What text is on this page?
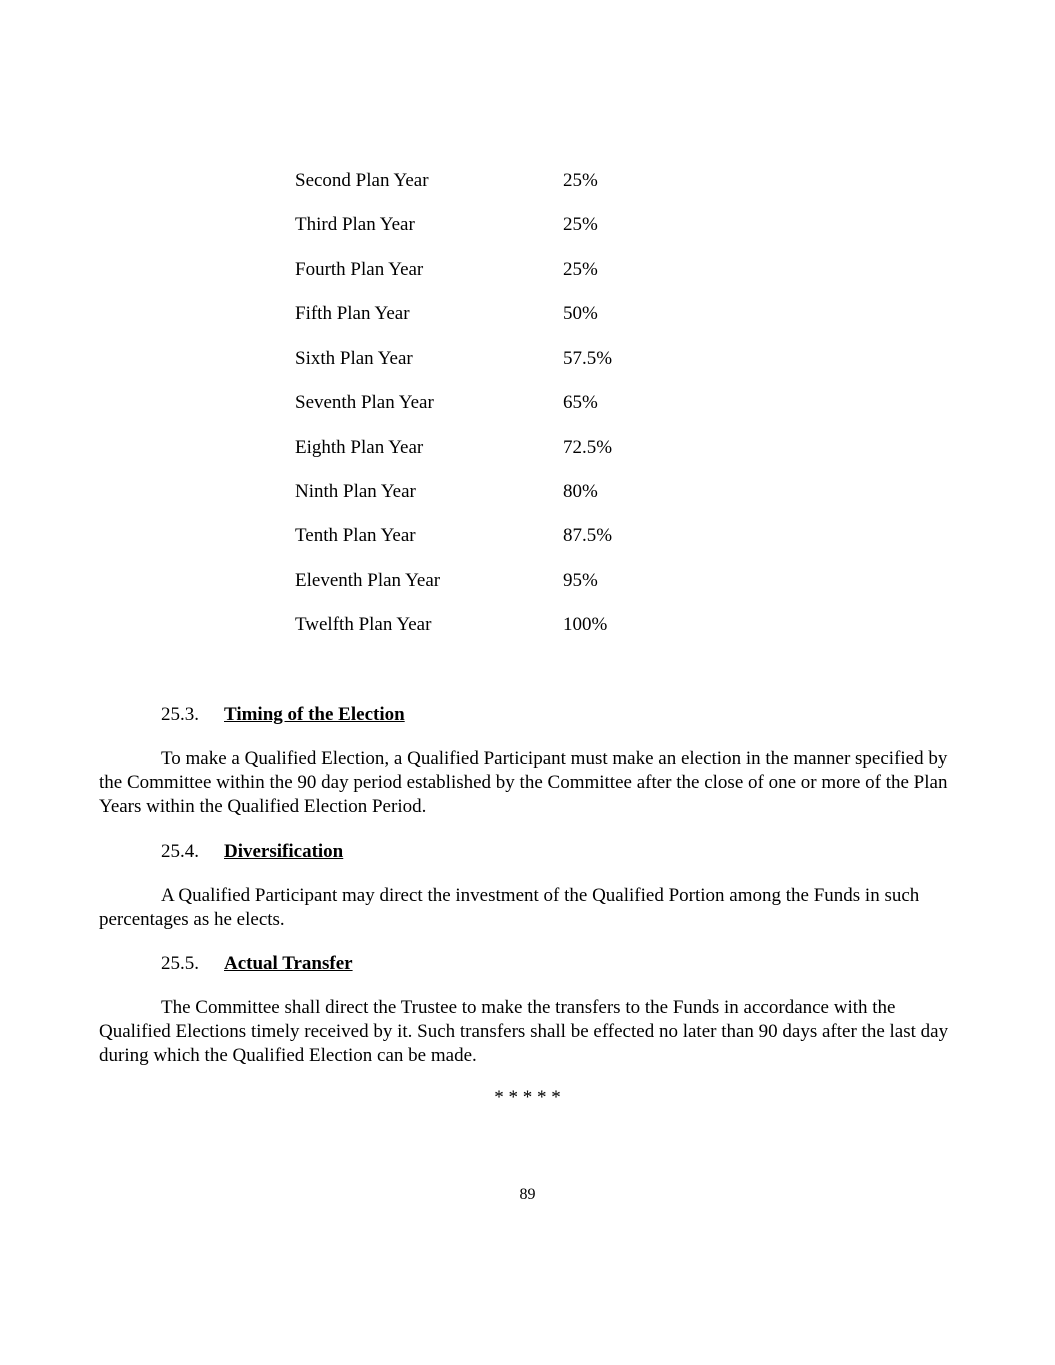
Second Plan Year	25%
Third Plan Year	25%
Fourth Plan Year	25%
Fifth Plan Year	50%
Sixth Plan Year	57.5%
Seventh Plan Year	65%
Eighth Plan Year	72.5%
Ninth Plan Year	80%
Tenth Plan Year	87.5%
Eleventh Plan Year	95%
Twelfth Plan Year	100%
25.3. Timing of the Election

To make a Qualified Election, a Qualified Participant must make an election in the manner specified by the Committee within the 90 day period established by the Committee after the close of one or more of the Plan Years within the Qualified Election Period.

25.4. Diversification

A Qualified Participant may direct the investment of the Qualified Portion among the Funds in such percentages as he elects.

25.5. Actual Transfer

The Committee shall direct the Trustee to make the transfers to the Funds in accordance with the Qualified Elections timely received by it. Such transfers shall be effected no later than 90 days after the last day during which the Qualified Election can be made.

* * * * *
89
